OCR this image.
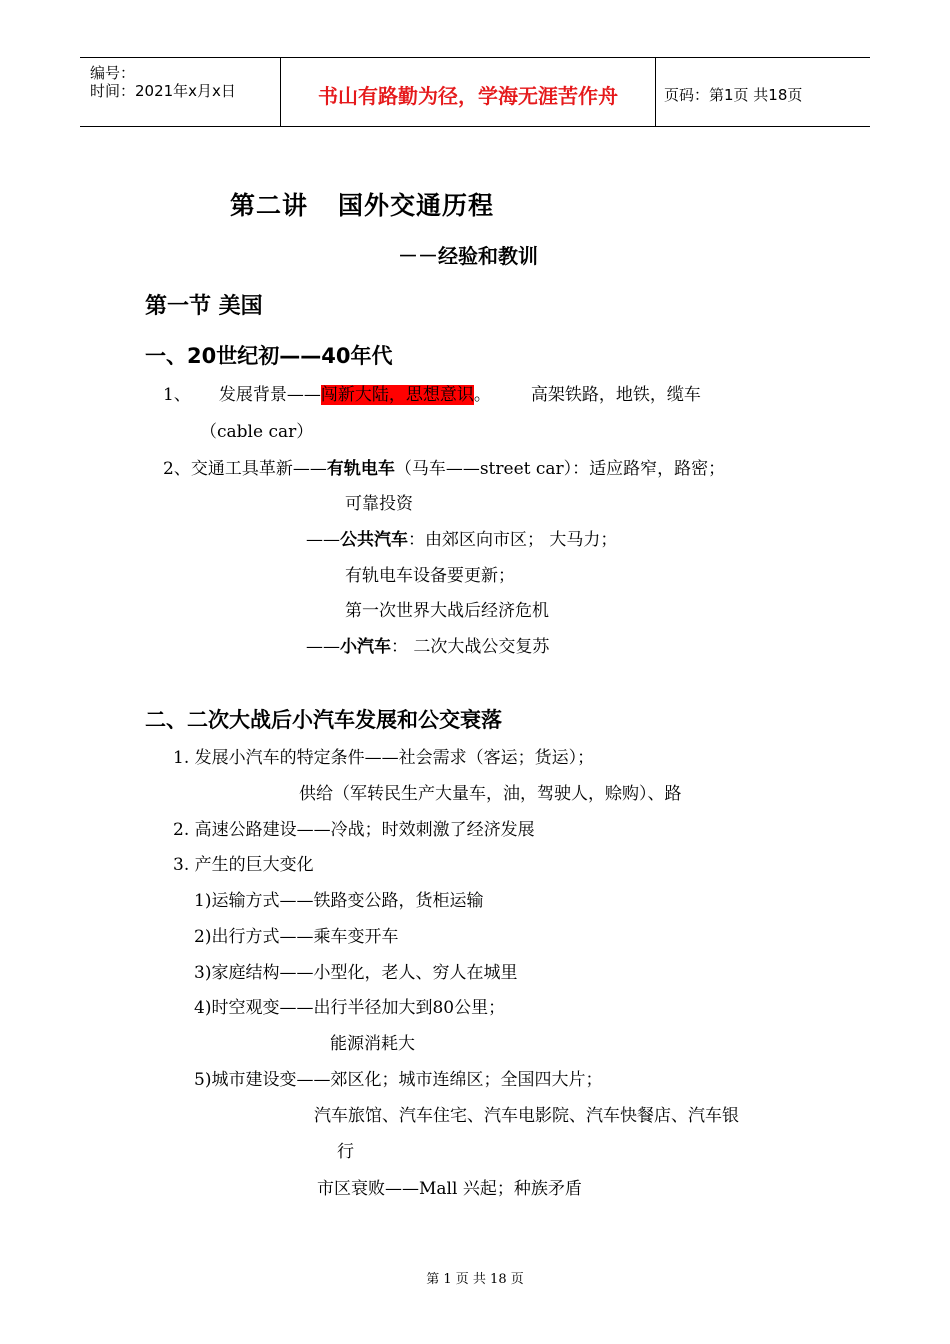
编号：
时间：2021年x月x日	书山有路勤为径，学海无涯苦作舟	页码：第1页 共18页
第二讲 国外交通历程
－－经验和教训
第一节 美国
一、20世纪初——40年代
1、 发展背景——闯新大陆，思想意识。 高架铁路，地铁，缆车
（cable car）
2、交通工具革新——有轨电车（马车——street car）：适应路窄，路密；
可靠投资
——公共汽车：由郊区向市区； 大马力；
有轨电车设备要更新；
第一次世界大战后经济危机
——小汽车： 二次大战公交复苏
二、二次大战后小汽车发展和公交衰落
1. 发展小汽车的特定条件——社会需求（客运；货运）；
供给（军转民生产大量车，油，驾驶人，赊购）、路
2. 高速公路建设——冷战；时效刺激了经济发展
3. 产生的巨大变化
1)运输方式——铁路变公路，货柜运输
2)出行方式——乘车变开车
3)家庭结构——小型化，老人、穷人在城里
4)时空观变——出行半径加大到80公里；
能源消耗大
5)城市建设变——郊区化；城市连绵区；全国四大片；
汽车旅馆、汽车住宅、汽车电影院、汽车快餐店、汽车银
行
市区衰败——Mall 兴起；种族矛盾
第 1 页 共 18 页
